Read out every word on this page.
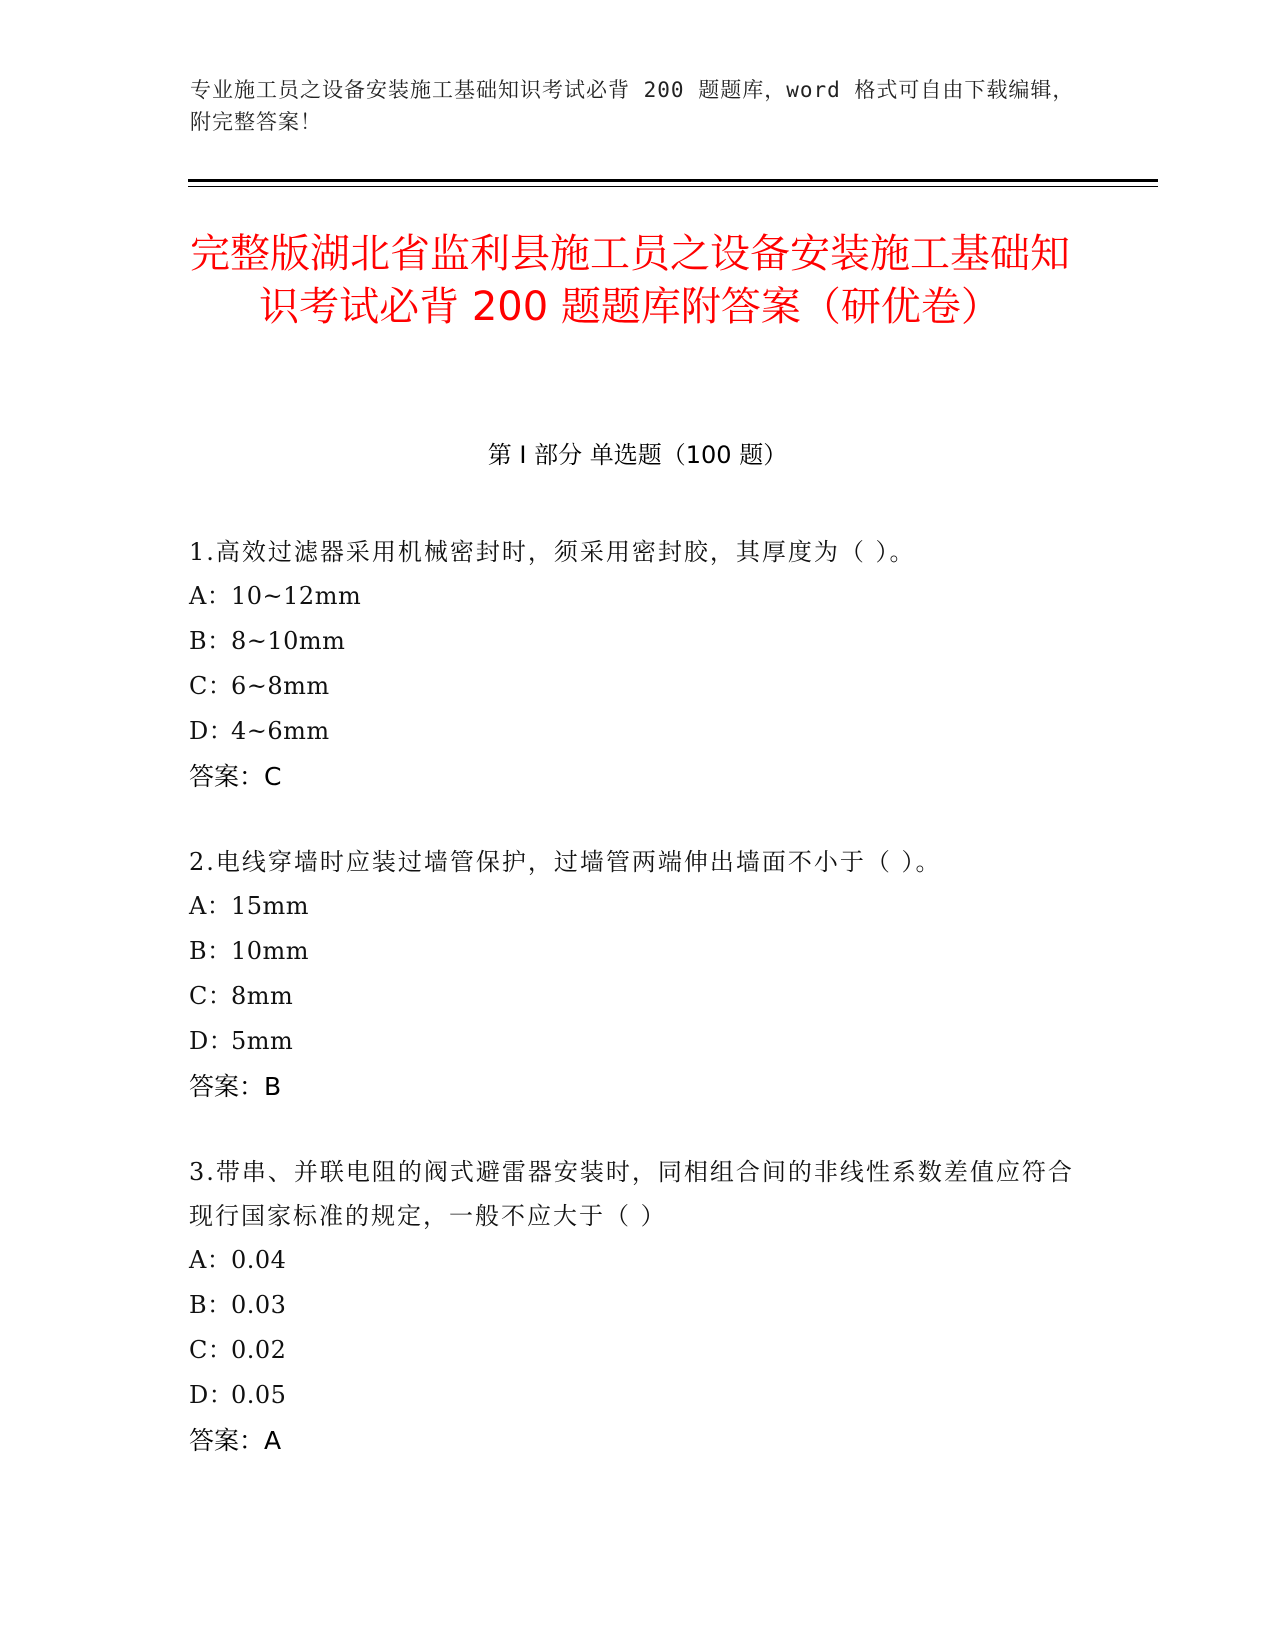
专业施工员之设备安装施工基础知识考试必背 200 题题库，word 格式可自由下载编辑，附完整答案！
完整版湖北省监利县施工员之设备安装施工基础知识考试必背 200 题题库附答案（研优卷）
第 I 部分 单选题（100 题）
1.高效过滤器采用机械密封时，须采用密封胶，其厚度为（ ）。
A：10~12mm
B：8~10mm
C：6~8mm
D：4~6mm
答案：C
2.电线穿墙时应装过墙管保护，过墙管两端伸出墙面不小于（ ）。
A：15mm
B：10mm
C：8mm
D：5mm
答案：B
3.带串、并联电阻的阀式避雷器安装时，同相组合间的非线性系数差值应符合现行国家标准的规定，一般不应大于（ ）
A：0.04
B：0.03
C：0.02
D：0.05
答案：A
